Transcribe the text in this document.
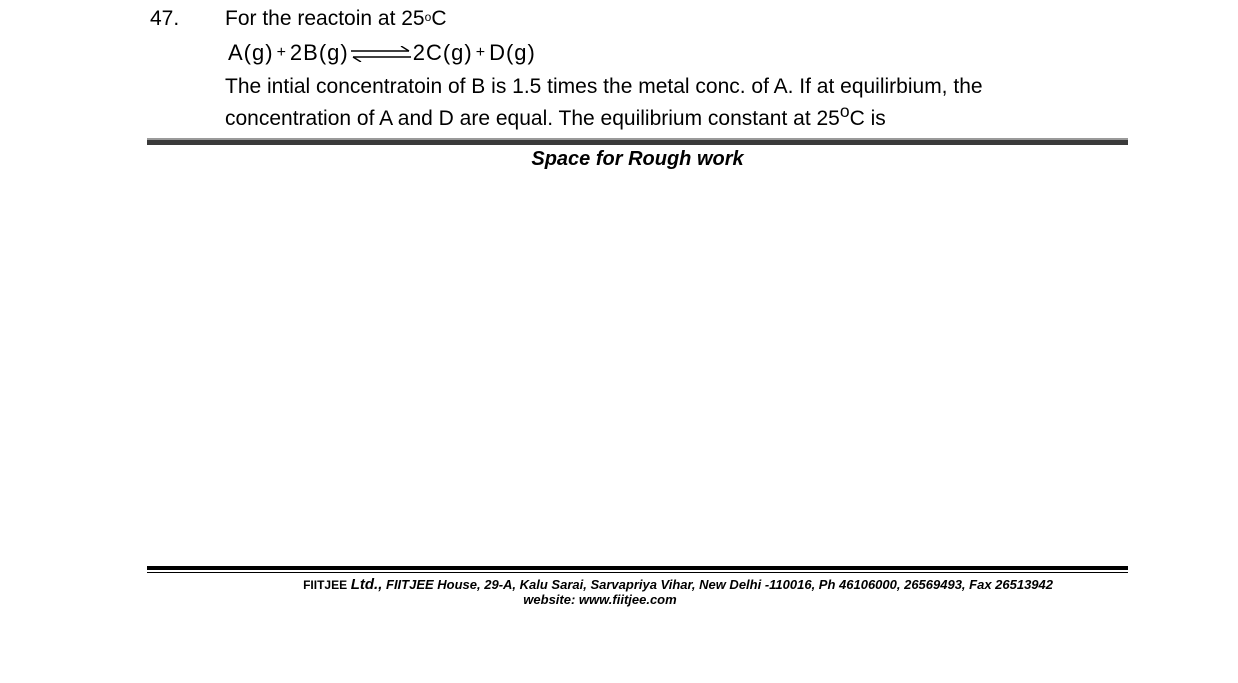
47. For the reactoin at 25$^o$C
A(g) + 2B(g) ⇌ 2C(g) + D(g)
The intial concentratoin of B is 1.5 times the metal conc. of A. If at equilirbium, the
concentration of A and D are equal. The equilibrium constant at 25$^o$C is
Space for Rough work
FIITJEE Ltd., FIITJEE House, 29-A, Kalu Sarai, Sarvapriya Vihar, New Delhi -110016, Ph 46106000, 26569493, Fax 26513942
website: www.fiitjee.com
